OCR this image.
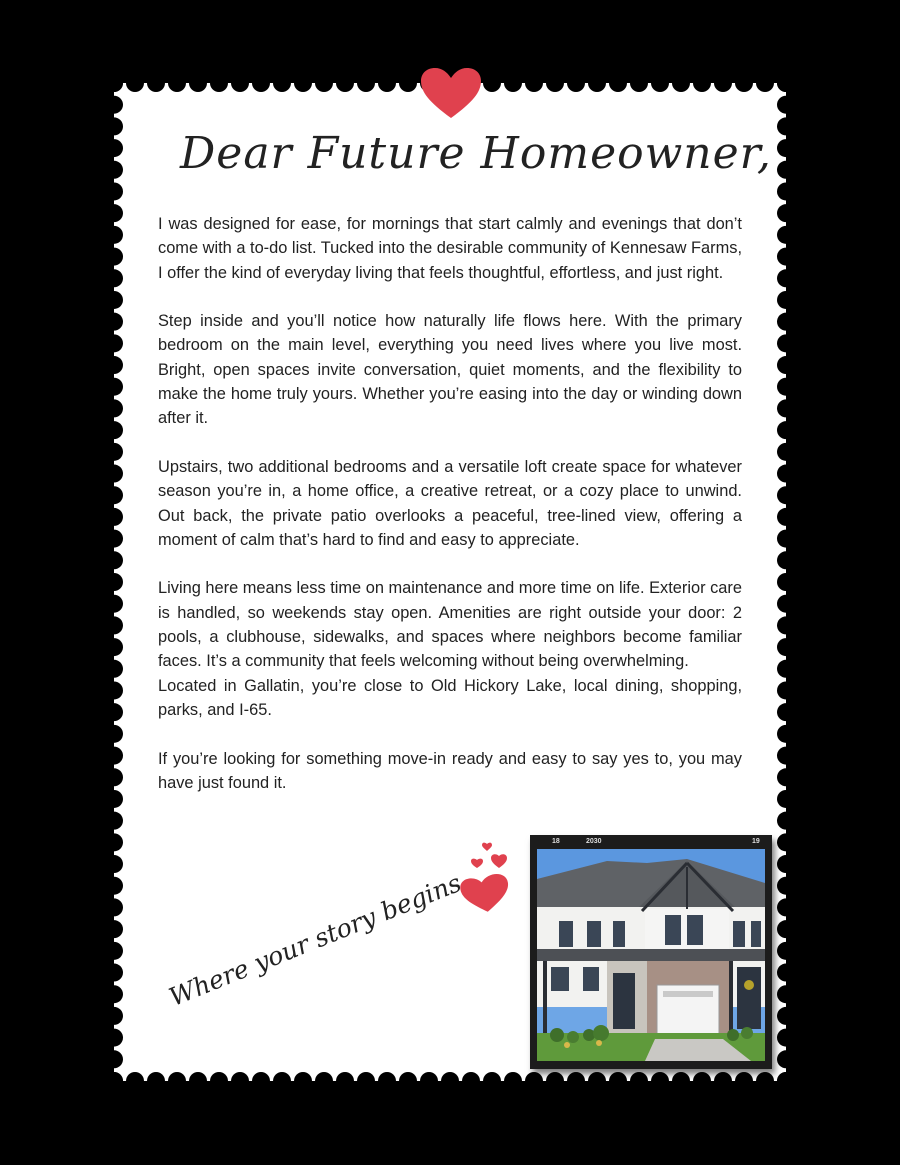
Dear Future Homeowner,

I was designed for ease, for mornings that start calmly and evenings that don’t come with a to-do list. Tucked into the desirable community of Kennesaw Farms, I offer the kind of everyday living that feels thoughtful, effortless, and just right.

Step inside and you’ll notice how naturally life flows here. With the primary bedroom on the main level, everything you need lives where you live most. Bright, open spaces invite conversation, quiet moments, and the flexibility to make the home truly yours. Whether you’re easing into the day or winding down after it.

Upstairs, two additional bedrooms and a versatile loft create space for whatever season you’re in, a home office, a creative retreat, or a cozy place to unwind. Out back, the private patio overlooks a peaceful, tree-lined view, offering a moment of calm that’s hard to find and easy to appreciate.

Living here means less time on maintenance and more time on life. Exterior care is handled, so weekends stay open. Amenities are right outside your door: 2 pools, a clubhouse, sidewalks, and spaces where neighbors become familiar faces. It’s a community that feels welcoming without being overwhelming.

Located in Gallatin, you’re close to Old Hickory Lake, local dining, shopping, parks, and I-65.

If you’re looking for something move-in ready and easy to say yes to, you may have just found it.

Where your story begins

18	2030	19
